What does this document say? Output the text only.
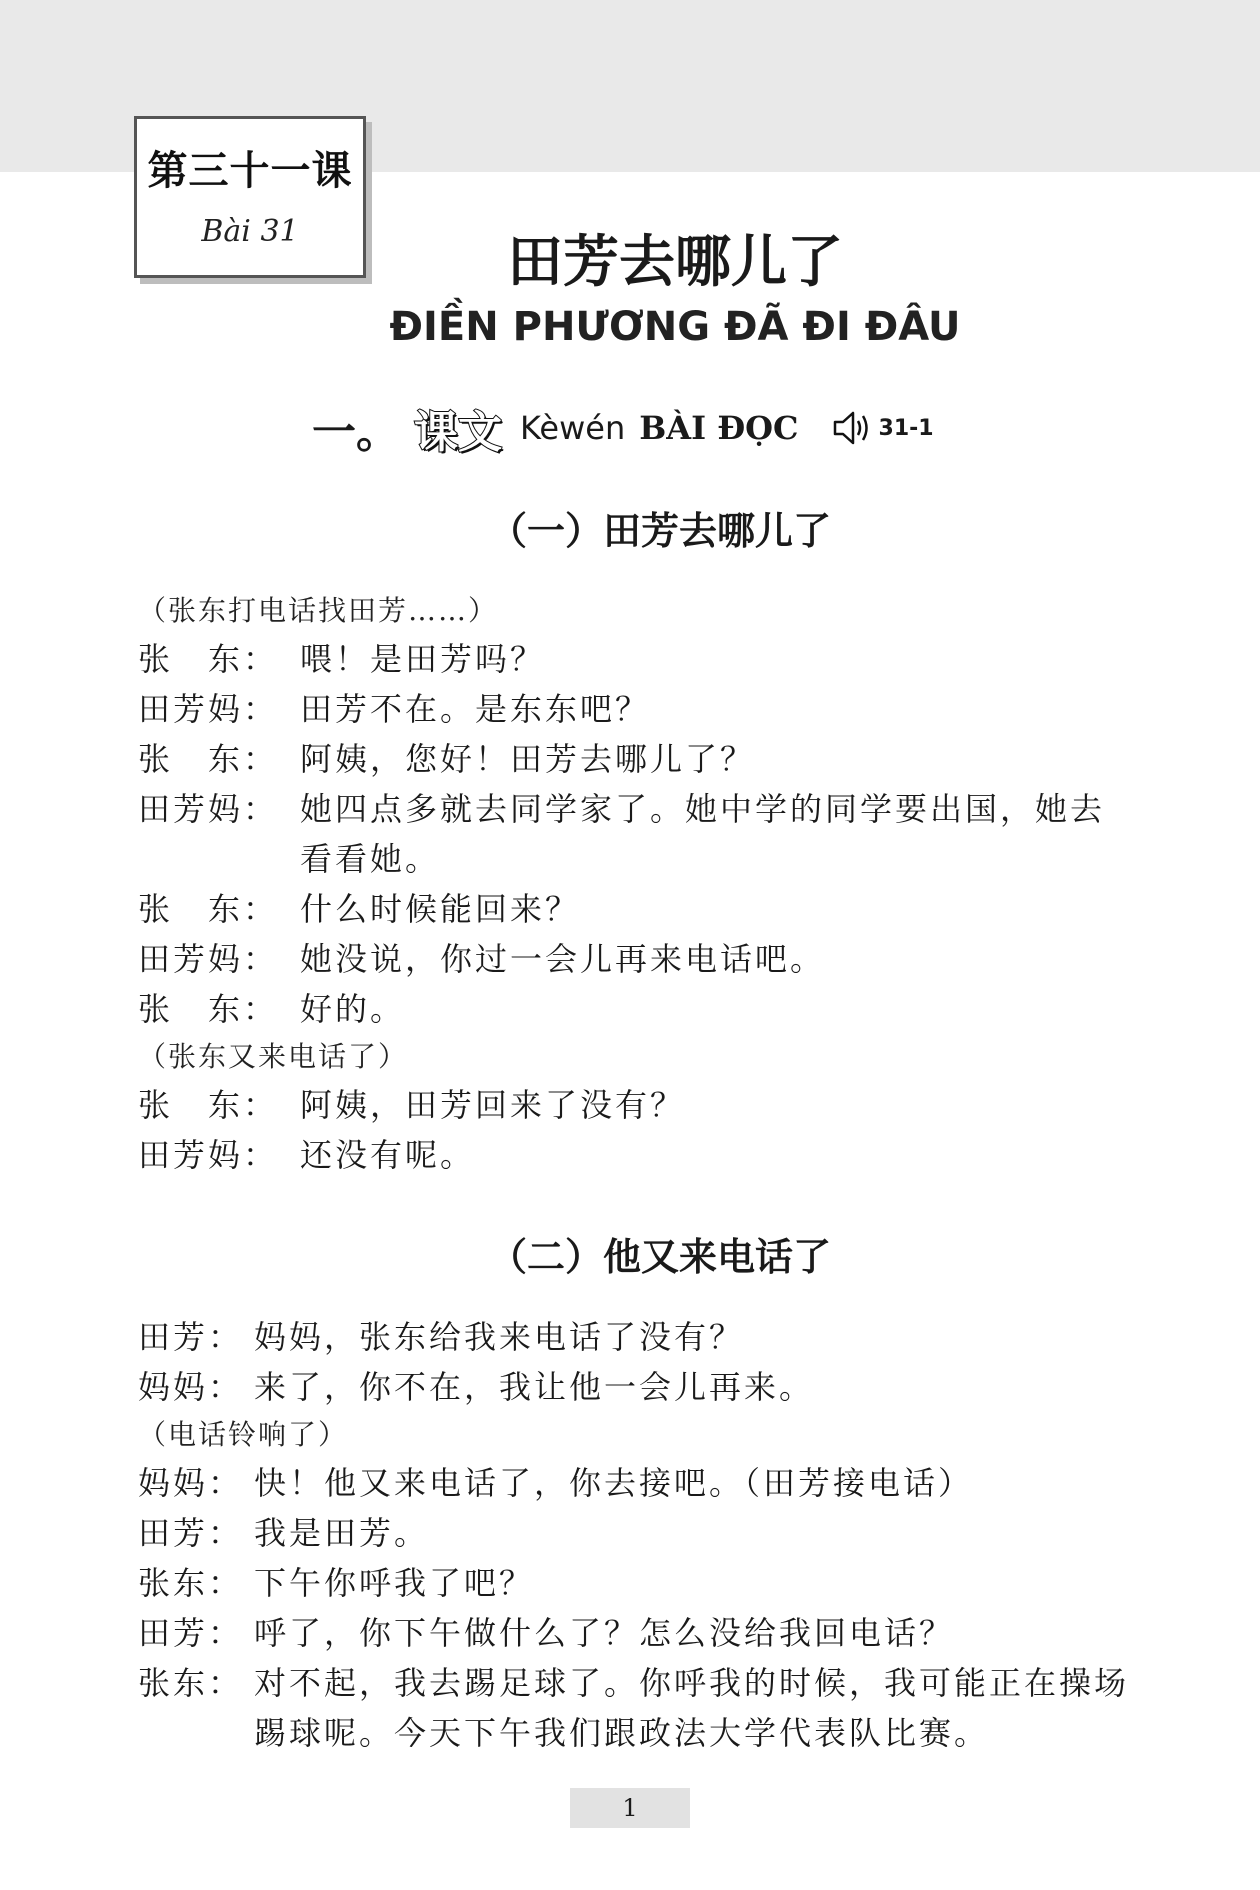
第三十一课
Bài 31	田芳去哪儿了
ĐIỀN PHƯƠNG ĐÃ ĐI ĐÂU
一。 课文 Kèwén BÀI ĐỌC	31-1
（一）田芳去哪儿了
（张东打电话找田芳……）
张　东： 喂！是田芳吗？
田芳妈： 田芳不在。是东东吧？
张　东： 阿姨，您好！田芳去哪儿了？
田芳妈： 她四点多就去同学家了。她中学的同学要出国，她去看看她。
张　东： 什么时候能回来？
田芳妈： 她没说，你过一会儿再来电话吧。
张　东： 好的。
（张东又来电话了）
张　东： 阿姨，田芳回来了没有？
田芳妈： 还没有呢。
（二）他又来电话了
田芳： 妈妈，张东给我来电话了没有？
妈妈： 来了，你不在，我让他一会儿再来。
（电话铃响了）
妈妈： 快！他又来电话了，你去接吧。（田芳接电话）
田芳： 我是田芳。
张东： 下午你呼我了吧？
田芳： 呼了，你下午做什么了？怎么没给我回电话？
张东： 对不起，我去踢足球了。你呼我的时候，我可能正在操场踢球呢。今天下午我们跟政法大学代表队比赛。
1
